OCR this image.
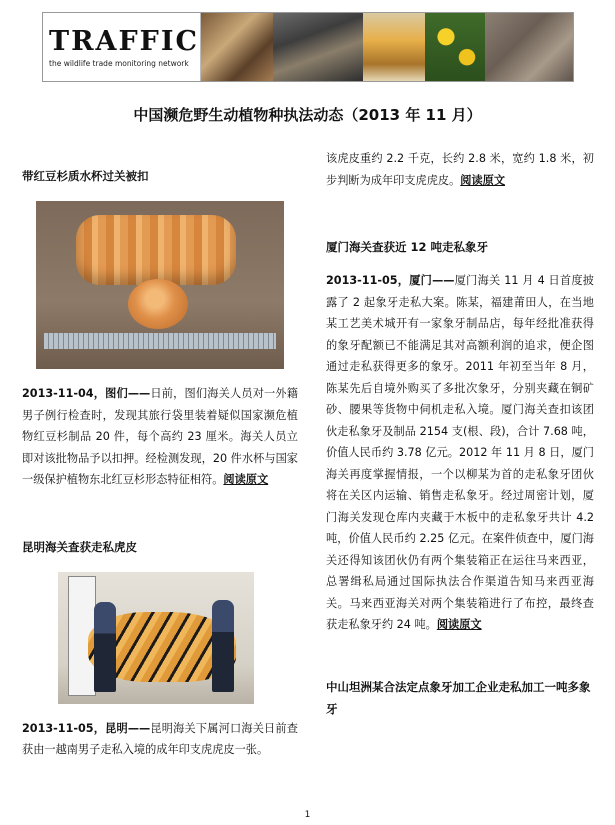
TRAFFIC
the wildlife trade monitoring network
中国濒危野生动植物种执法动态（2013 年 11 月）

带红豆杉质水杯过关被扣

2013-11-04，图们——日前，图们海关人员对一外籍男子例行检查时，发现其旅行袋里装着疑似国家濒危植物红豆杉制品 20 件，每个高约 23 厘米。海关人员立即对该批物品予以扣押。经检测发现，20 件水杯与国家一级保护植物东北红豆杉形态特征相符。阅读原文

昆明海关查获走私虎皮

2013-11-05，昆明——昆明海关下属河口海关日前查获由一越南男子走私入境的成年印支虎虎皮一张。

该虎皮重约 2.2 千克，长约 2.8 米，宽约 1.8 米，初步判断为成年印支虎虎皮。阅读原文

厦门海关查获近 12 吨走私象牙

2013-11-05，厦门——厦门海关 11 月 4 日首度披露了 2 起象牙走私大案。陈某，福建莆田人，在当地某工艺美术城开有一家象牙制品店，每年经批准获得的象牙配额已不能满足其对高额利润的追求，便企图通过走私获得更多的象牙。2011 年初至当年 8 月，陈某先后自境外购买了多批次象牙，分别夹藏在铜矿砂、腰果等货物中伺机走私入境。厦门海关查扣该团伙走私象牙及制品 2154 支(根、段)，合计 7.68 吨，价值人民币约 3.78 亿元。2012 年 11 月 8 日，厦门海关再度掌握情报，一个以柳某为首的走私象牙团伙将在关区内运输、销售走私象牙。经过周密计划，厦门海关发现仓库内夹藏于木板中的走私象牙共计 4.2 吨，价值人民币约 2.25 亿元。在案件侦查中，厦门海关还得知该团伙仍有两个集装箱正在运往马来西亚，总署缉私局通过国际执法合作渠道告知马来西亚海关。马来西亚海关对两个集装箱进行了布控，最终查获走私象牙约 24 吨。阅读原文

中山坦洲某合法定点象牙加工企业走私加工一吨多象牙

1
